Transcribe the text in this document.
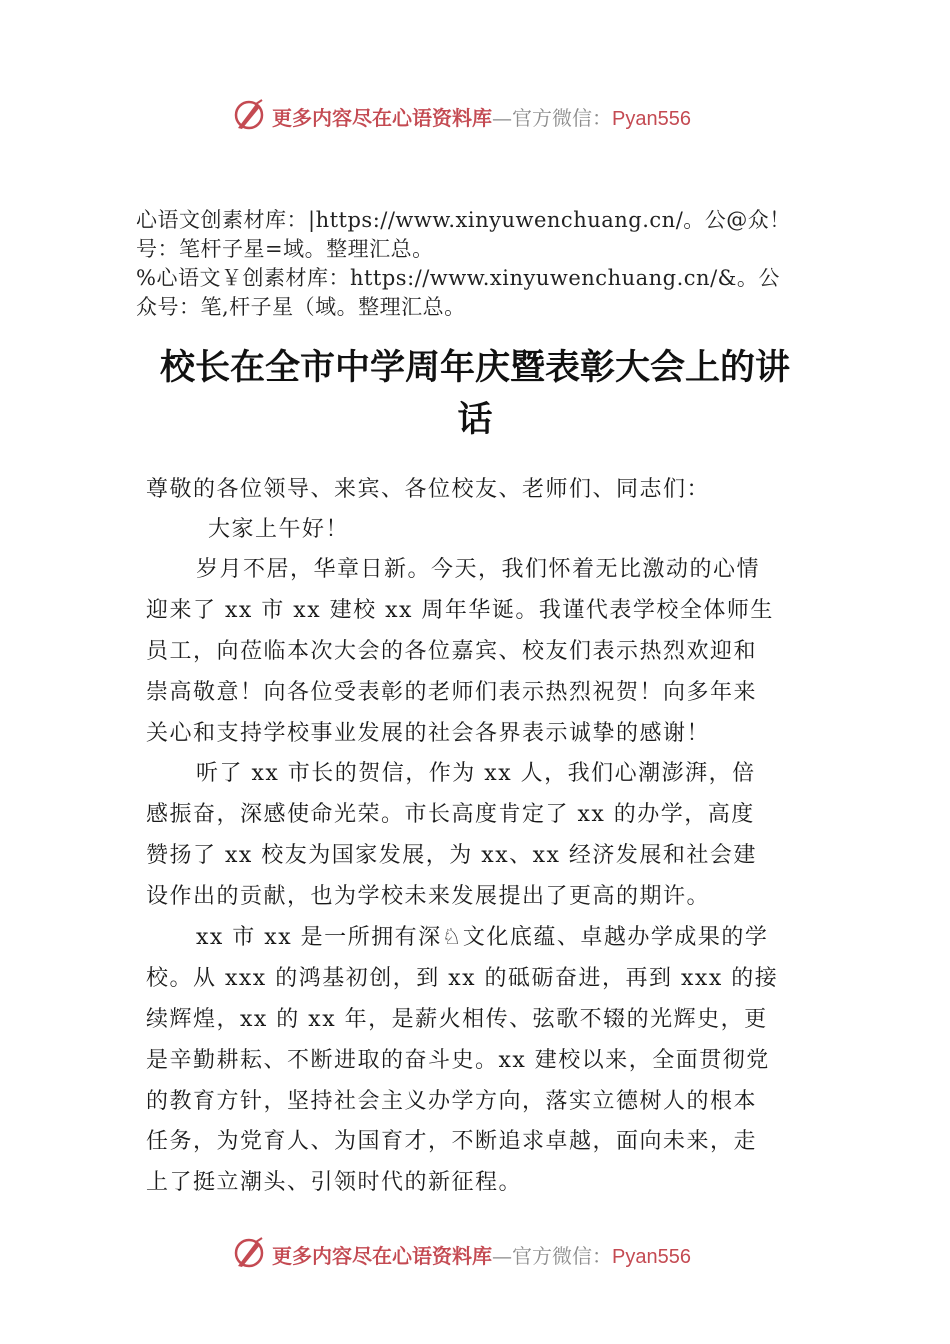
更多内容尽在心语资料库—官方微信：Pyan556
心语文创素材库：|https://www.xinyuwenchuang.cn/。公@众！
号：笔杆子星=域。整理汇总。
%心语文￥创素材库：https://www.xinyuwenchuang.cn/&。公
众号：笔,杆子星（域。整理汇总。
校长在全市中学周年庆暨表彰大会上的讲
话
尊敬的各位领导、来宾、各位校友、老师们、同志们：
大家上午好！
岁月不居，华章日新。今天，我们怀着无比激动的心情
迎来了 xx 市 xx 建校 xx 周年华诞。我谨代表学校全体师生
员工，向莅临本次大会的各位嘉宾、校友们表示热烈欢迎和
崇高敬意！向各位受表彰的老师们表示热烈祝贺！向多年来
关心和支持学校事业发展的社会各界表示诚挚的感谢！
听了 xx 市长的贺信，作为 xx 人，我们心潮澎湃，倍
感振奋，深感使命光荣。市长高度肯定了 xx 的办学，高度
赞扬了 xx 校友为国家发展，为 xx、xx 经济发展和社会建
设作出的贡献，也为学校未来发展提出了更高的期许。
xx 市 xx 是一所拥有深♘文化底蕴、卓越办学成果的学
校。从 xxx 的鸿基初创，到 xx 的砥砺奋进，再到 xxx 的接
续辉煌，xx 的 xx 年，是薪火相传、弦歌不辍的光辉史，更
是辛勤耕耘、不断进取的奋斗史。xx 建校以来，全面贯彻党
的教育方针，坚持社会主义办学方向，落实立德树人的根本
任务，为党育人、为国育才，不断追求卓越，面向未来，走
上了挺立潮头、引领时代的新征程。
更多内容尽在心语资料库—官方微信：Pyan556
